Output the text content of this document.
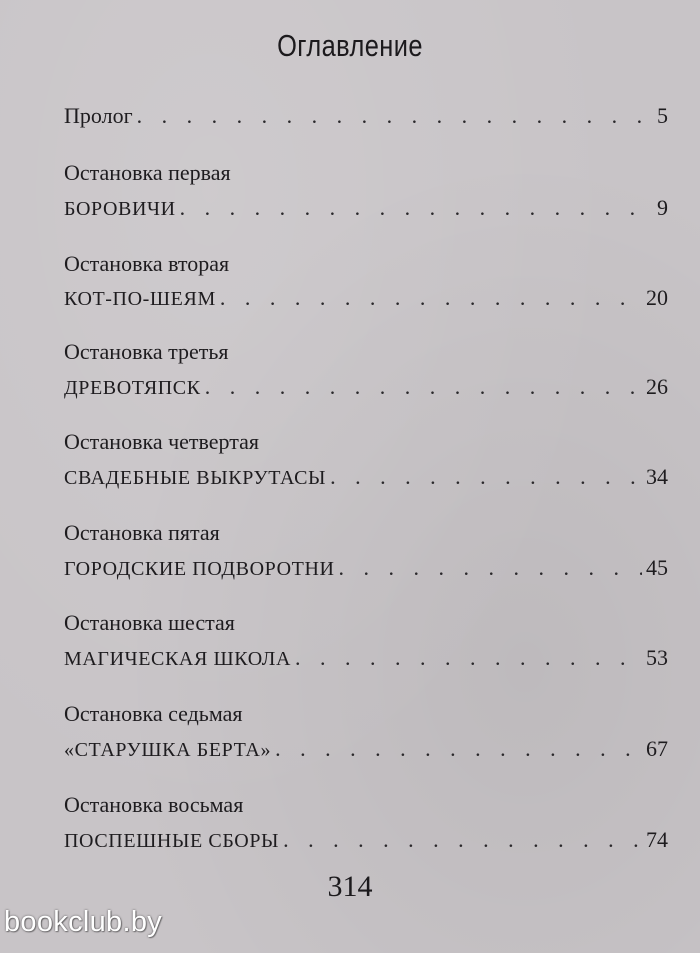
Оглавление
Пролог . . .	5
Остановка первая
БОРОВИЧИ . . .	9
Остановка вторая
КОТ-ПО-ШЕЯМ . . .	20
Остановка третья
ДРЕВОТЯПСК . . .	26
Остановка четвертая
СВАДЕБНЫЕ ВЫКРУТАСЫ . . .	34
Остановка пятая
ГОРОДСКИЕ ПОДВОРОТНИ . . .	45
Остановка шестая
МАГИЧЕСКАЯ ШКОЛА . . .	53
Остановка седьмая
«СТАРУШКА БЕРТА» . . .	67
Остановка восьмая
ПОСПЕШНЫЕ СБОРЫ . . .	74
314
bookclub.by
